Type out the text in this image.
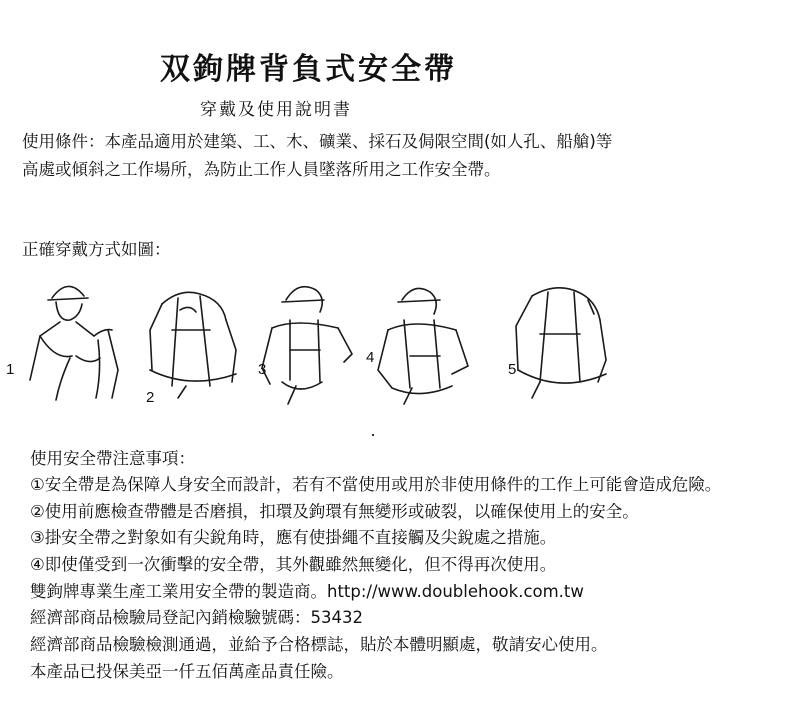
双鉤牌背負式安全帶
穿戴及使用說明書
使用條件：本產品適用於建築、工、木、礦業、採石及侷限空間(如人孔、船艙)等
高處或傾斜之工作場所，為防止工作人員墜落所用之工作安全帶。
正確穿戴方式如圖：
1
2
3
4
5
使用安全帶注意事項：
①安全帶是為保障人身安全而設計，若有不當使用或用於非使用條件的工作上可能會造成危險。
②使用前應檢查帶體是否磨損，扣環及鉤環有無變形或破裂，以確保使用上的安全。
③掛安全帶之對象如有尖銳角時，應有使掛繩不直接觸及尖銳處之措施。
④即使僅受到一次衝擊的安全帶，其外觀雖然無變化，但不得再次使用。
雙鉤牌專業生產工業用安全帶的製造商。http://www.doublehook.com.tw
經濟部商品檢驗局登記內銷檢驗號碼：53432
經濟部商品檢驗檢測通過，並給予合格標誌，貼於本體明顯處，敬請安心使用。
本產品已投保美亞一仟五佰萬產品責任險。
